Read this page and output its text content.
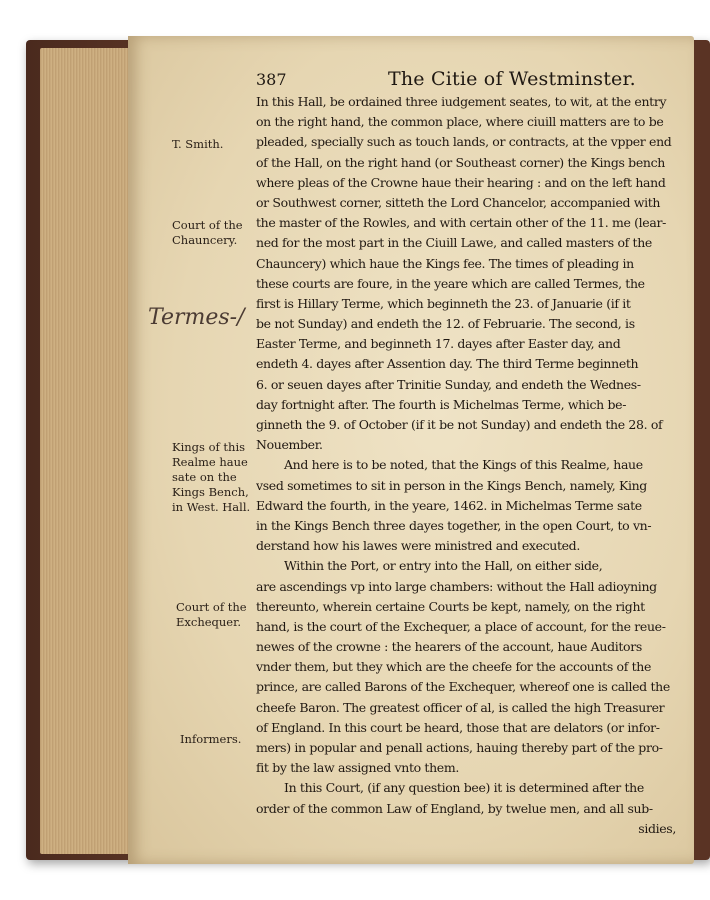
387	The Citie of Westminster.
T. Smith.
Court of the
Chauncery.
Termes-/
Kings of this
Realme haue
sate on the
Kings Bench,
in West. Hall.
Court of the
Exchequer.
Informers.
In this Hall, be ordained three iudgement seates, to wit, at the entry
on the right hand, the common place, where ciuill matters are to be
pleaded, specially such as touch lands, or contracts, at the vpper end
of the Hall, on the right hand (or Southeast corner) the Kings bench
where pleas of the Crowne haue their hearing : and on the left hand
or Southwest corner, sitteth the Lord Chancelor, accompanied with
the master of the Rowles, and with certain other of the 11. me (lear-
ned for the most part in the Ciuill Lawe, and called masters of the
Chauncery) which haue the Kings fee. The times of pleading in
these courts are foure, in the yeare which are called Termes, the
first is Hillary Terme, which beginneth the 23. of Januarie (if it
be not Sunday) and endeth the 12. of Februarie. The second, is
Easter Terme, and beginneth 17. dayes after Easter day, and
endeth 4. dayes after Assention day. The third Terme beginneth
6. or seuen dayes after Trinitie Sunday, and endeth the Wednes-
day fortnight after. The fourth is Michelmas Terme, which be-
ginneth the 9. of October (if it be not Sunday) and endeth the 28. of
Nouember.
And here is to be noted, that the Kings of this Realme, haue
vsed sometimes to sit in person in the Kings Bench, namely, King
Edward the fourth, in the yeare, 1462. in Michelmas Terme sate
in the Kings Bench three dayes together, in the open Court, to vn-
derstand how his lawes were ministred and executed.
Within the Port, or entry into the Hall, on either side,
are ascendings vp into large chambers: without the Hall adioyning
thereunto, wherein certaine Courts be kept, namely, on the right
hand, is the court of the Exchequer, a place of account, for the reue-
newes of the crowne : the hearers of the account, haue Auditors
vnder them, but they which are the cheefe for the accounts of the
prince, are called Barons of the Exchequer, whereof one is called the
cheefe Baron. The greatest officer of al, is called the high Treasurer
of England. In this court be heard, those that are delators (or infor-
mers) in popular and penall actions, hauing thereby part of the pro-
fit by the law assigned vnto them.
In this Court, (if any question bee) it is determined after the
order of the common Law of England, by twelue men, and all sub-
sidies,
